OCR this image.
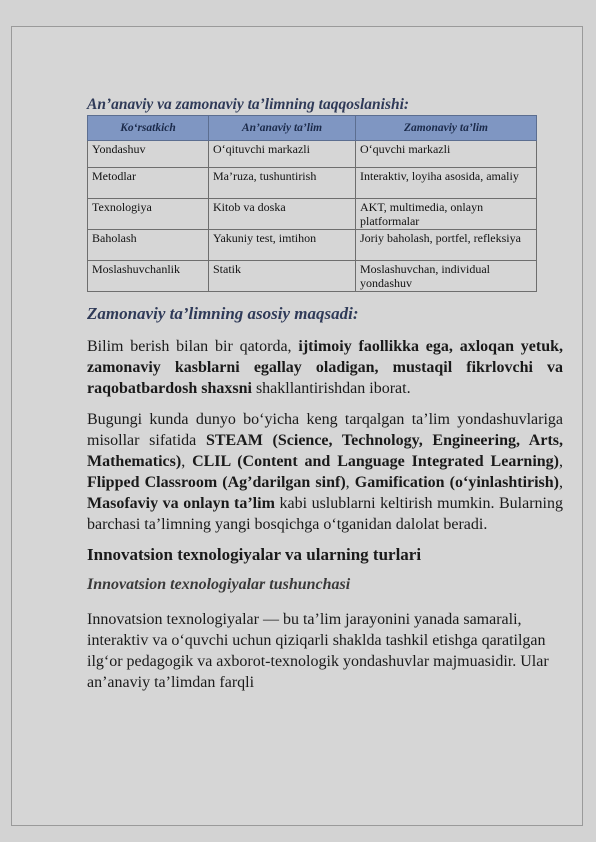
An’anaviy va zamonaviy ta’limning taqqoslanishi:
Ko‘rsatkich	An’anaviy ta’lim	Zamonaviy ta’lim
Yondashuv	O‘qituvchi markazli	O‘quvchi markazli
Metodlar	Ma’ruza, tushuntirish	Interaktiv, loyiha asosida, amaliy
Texnologiya	Kitob va doska	AKT, multimedia, onlayn platformalar
Baholash	Yakuniy test, imtihon	Joriy baholash, portfel, refleksiya
Moslashuvchanlik	Statik	Moslashuvchan, individual yondashuv
Zamonaviy ta’limning asosiy maqsadi:

Bilim berish bilan bir qatorda, ijtimoiy faollikka ega, axloqan yetuk, zamonaviy kasblarni egallay oladigan, mustaqil fikrlovchi va raqobatbardosh shaxsni shakllantirishdan iborat.

Bugungi kunda dunyo bo‘yicha keng tarqalgan ta’lim yondashuvlariga misollar sifatida STEAM (Science, Technology, Engineering, Arts, Mathematics), CLIL (Content and Language Integrated Learning), Flipped Classroom (Ag’darilgan sinf), Gamification (o‘yinlashtirish), Masofaviy va onlayn ta’lim kabi uslublarni keltirish mumkin. Bularning barchasi ta’limning yangi bosqichga o‘tganidan dalolat beradi.

Innovatsion texnologiyalar va ularning turlari
Innovatsion texnologiyalar tushunchasi

Innovatsion texnologiyalar — bu ta’lim jarayonini yanada samarali, interaktiv va o‘quvchi uchun qiziqarli shaklda tashkil etishga qaratilgan ilg‘or pedagogik va axborot-texnologik yondashuvlar majmuasidir. Ular an’anaviy ta’limdan farqli
